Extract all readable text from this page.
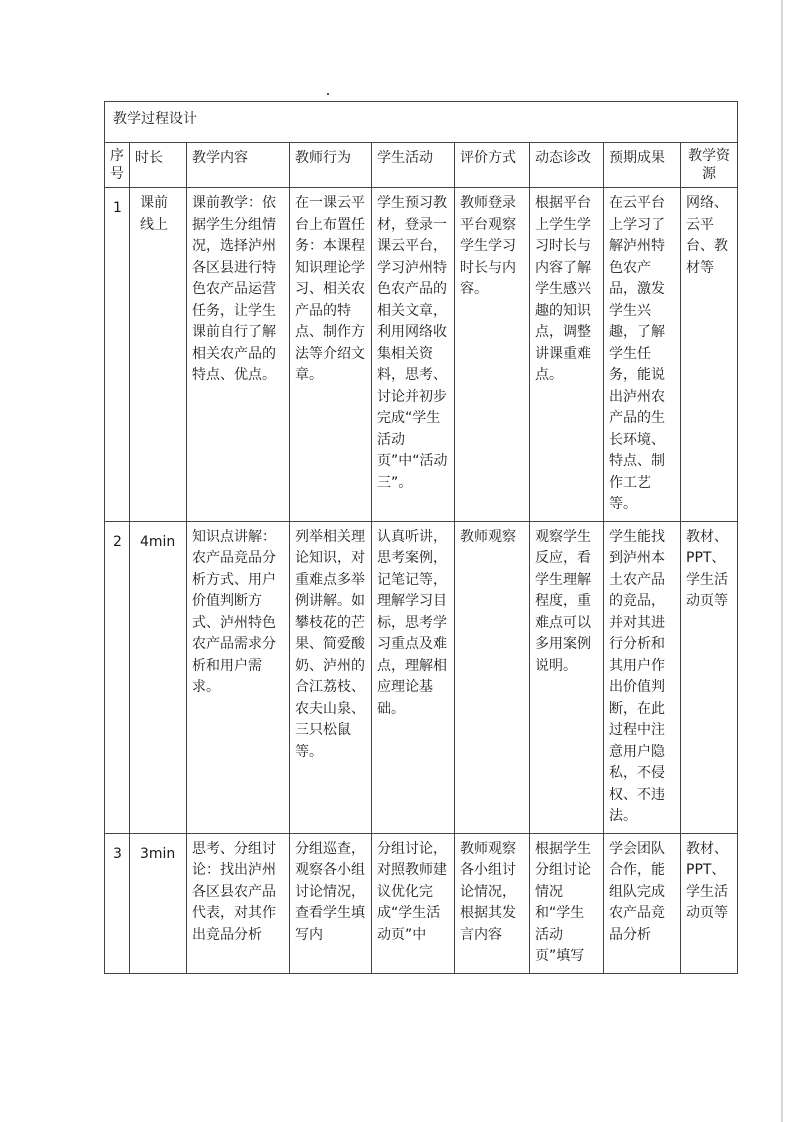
教学过程设计								
序号	时长	教学内容	教师行为	学生活动	评价方式	动态诊改	预期成果	教学资源
1	课前线上	课前教学：依据学生分组情况，选择泸州各区县进行特色农产品运营任务，让学生课前自行了解相关农产品的特点、优点。	在一课云平台上布置任务：本课程知识理论学习、相关农产品的特点、制作方法等介绍文章。	学生预习教材，登录一课云平台，学习泸州特色农产品的相关文章，利用网络收集相关资料，思考、讨论并初步完成“学生活动页”中“活动三”。	教师登录平台观察学生学习时长与内容。	根据平台上学生学习时长与内容了解学生感兴趣的知识点，调整讲课重难点。	在云平台上学习了解泸州特色农产品，激发学生兴趣，了解学生任务，能说出泸州农产品的生长环境、特点、制作工艺等。	网络、云平台、教材等
2	4min	知识点讲解：农产品竞品分析方式、用户价值判断方式、泸州特色农产品需求分析和用户需求。	列举相关理论知识，对重难点多举例讲解。如攀枝花的芒果、简爱酸奶、泸州的合江荔枝、农夫山泉、三只松鼠等。	认真听讲，思考案例，记笔记等，理解学习目标，思考学习重点及难点，理解相应理论基础。	教师观察	观察学生反应，看学生理解程度，重难点可以多用案例说明。	学生能找到泸州本土农产品的竞品，并对其进行分析和其用户作出价值判断，在此过程中注意用户隐私，不侵权、不违法。	教材、PPT、学生活动页等
3	3min	思考、分组讨论：找出泸州各区县农产品代表，对其作出竞品分析	分组巡查，观察各小组讨论情况，查看学生填写内	分组讨论，对照教师建议优化完成“学生活动页”中	教师观察各小组讨论情况，根据其发言内容	根据学生分组讨论情况和“学生活动页”填写	学会团队合作，能组队完成农产品竞品分析	教材、PPT、学生活动页等
